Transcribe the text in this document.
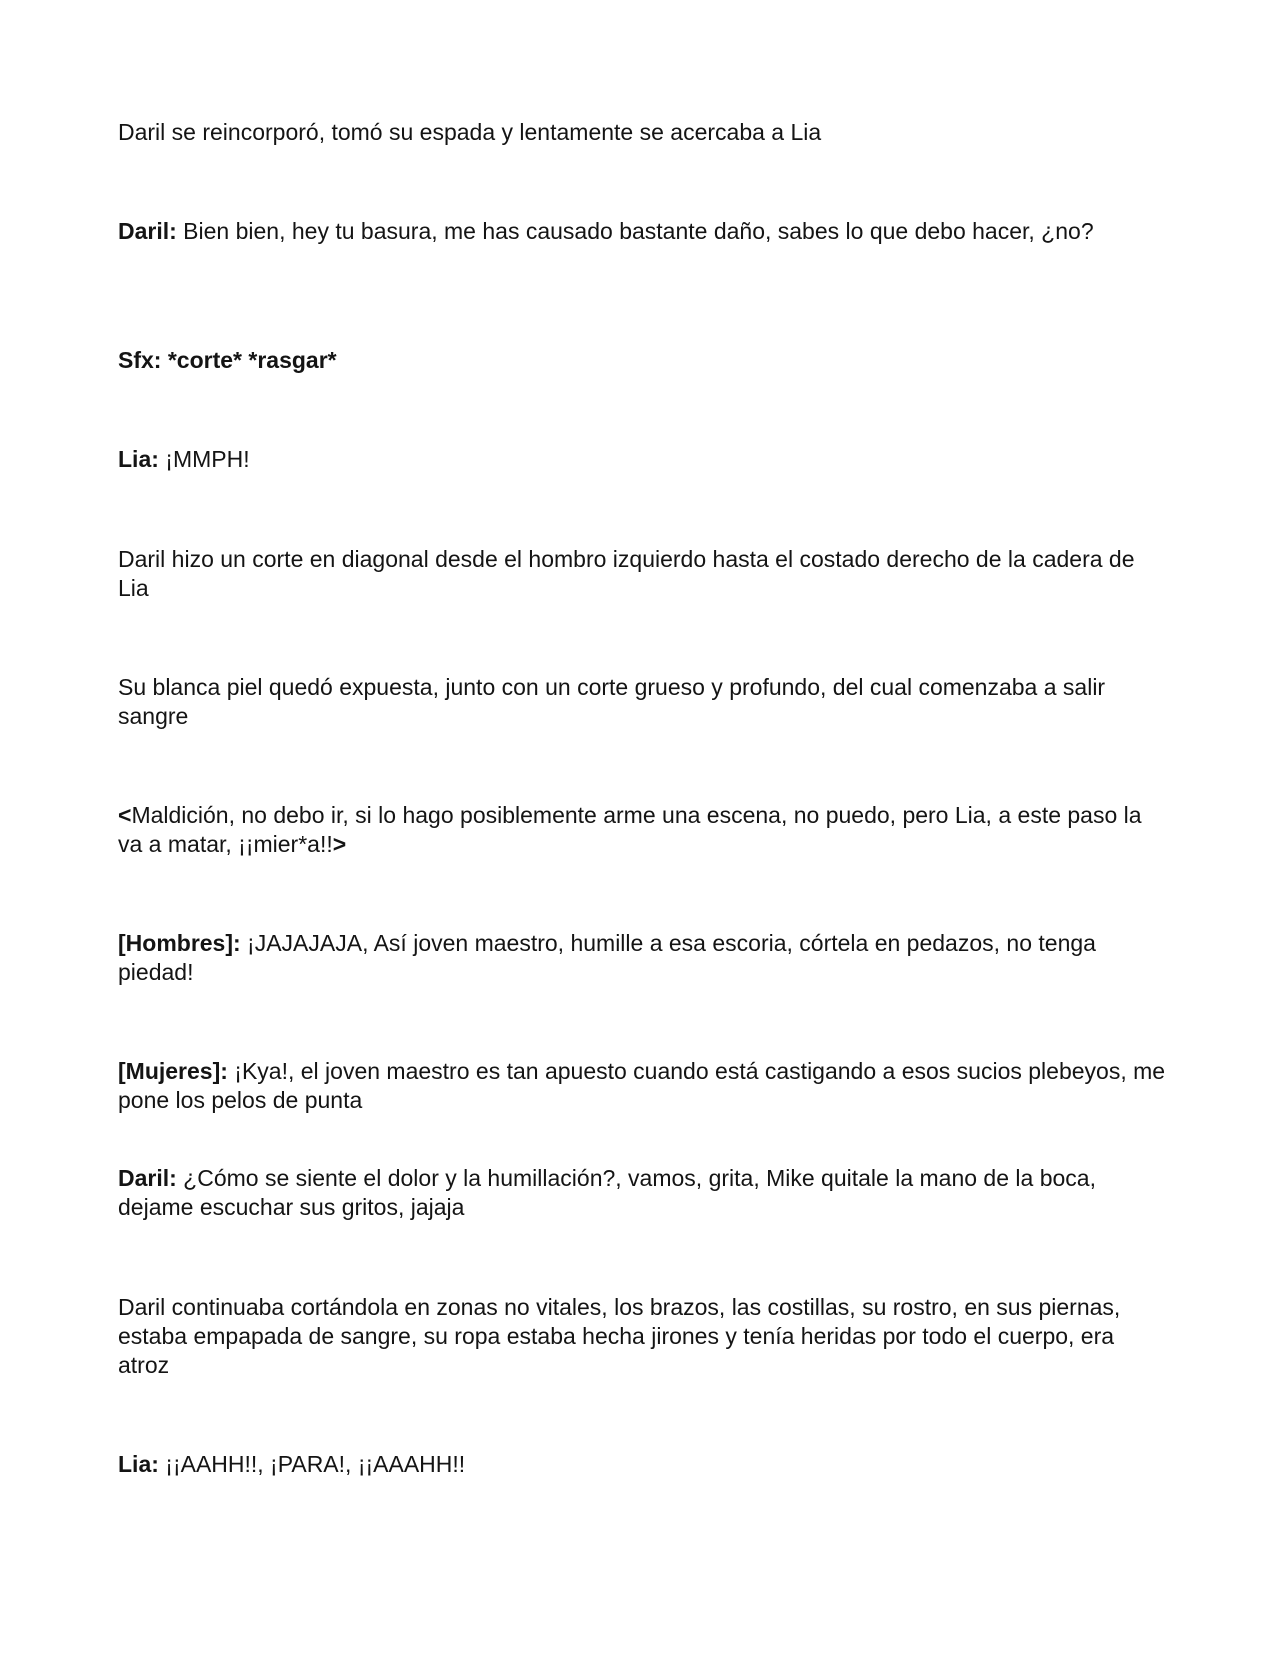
Daril se reincorporó, tomó su espada y lentamente se acercaba a Lia

Daril: Bien bien, hey tu basura, me has causado bastante daño, sabes lo que debo hacer, ¿no?

Sfx: *corte* *rasgar*

Lia: ¡MMPH!

Daril hizo un corte en diagonal desde el hombro izquierdo hasta el costado derecho de la cadera de Lia

Su blanca piel quedó expuesta, junto con un corte grueso y profundo, del cual comenzaba a salir sangre

<Maldición, no debo ir, si lo hago posiblemente arme una escena, no puedo, pero Lia, a este paso la va a matar, ¡¡mier*a!!>

[Hombres]: ¡JAJAJAJA, Así joven maestro, humille a esa escoria, córtela en pedazos, no tenga piedad!

[Mujeres]: ¡Kya!, el joven maestro es tan apuesto cuando está castigando a esos sucios plebeyos, me pone los pelos de punta

Daril: ¿Cómo se siente el dolor y la humillación?, vamos, grita, Mike quitale la mano de la boca, dejame escuchar sus gritos, jajaja

Daril continuaba cortándola en zonas no vitales, los brazos, las costillas, su rostro, en sus piernas, estaba empapada de sangre, su ropa estaba hecha jirones y tenía heridas por todo el cuerpo, era atroz

Lia: ¡¡AAHH!!, ¡PARA!, ¡¡AAAHH!!
